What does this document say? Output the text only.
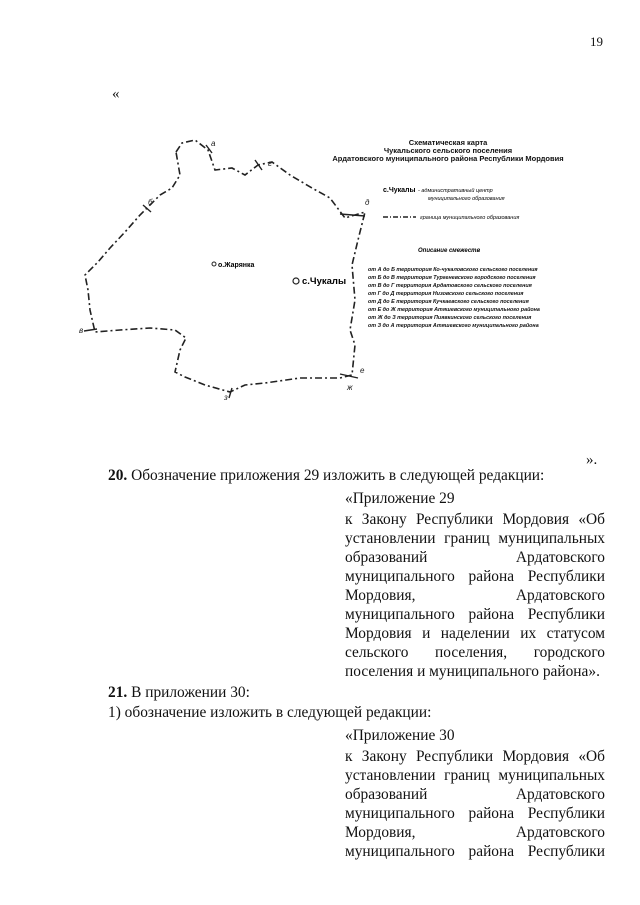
19
«
а
г
б	д
в
е
ж
з
о.Жарянка
с.Чукалы
Схематическая карта
Чукальского сельского поселения
Ардатовского муниципального района Республики Мордовия
с.Чукалы - административный центр
муниципального образования
граница муниципального образования
Описание смежеств
от А до Б территория Ко-чукаловского сельского поселения
от Б до В территория Тургеневского городского поселения
от В до Г территория Ардатовского сельского поселения
от Г до Д территория Низовского сельского поселения
от Д до Е территория Кучкаевского сельского поселения
от Е до Ж территория Атяшевского муниципального района
от Ж до З территория Пиявкинского сельского поселения
от З до А территория Атяшевского муниципального района
».
20. Обозначение приложения 29 изложить в следующей редакции:
«Приложение 29
к Закону Республики Мордовия «Об
установлении границ муниципальных
образований Ардатовского
муниципального района Республики
Мордовия, Ардатовского
муниципального района Республики
Мордовия и наделении их статусом
сельского поселения, городского
поселения и муниципального района».
21. В приложении 30:
1) обозначение изложить в следующей редакции:
«Приложение 30
к Закону Республики Мордовия «Об
установлении границ муниципальных
образований Ардатовского
муниципального района Республики
Мордовия, Ардатовского
муниципального района Республики
